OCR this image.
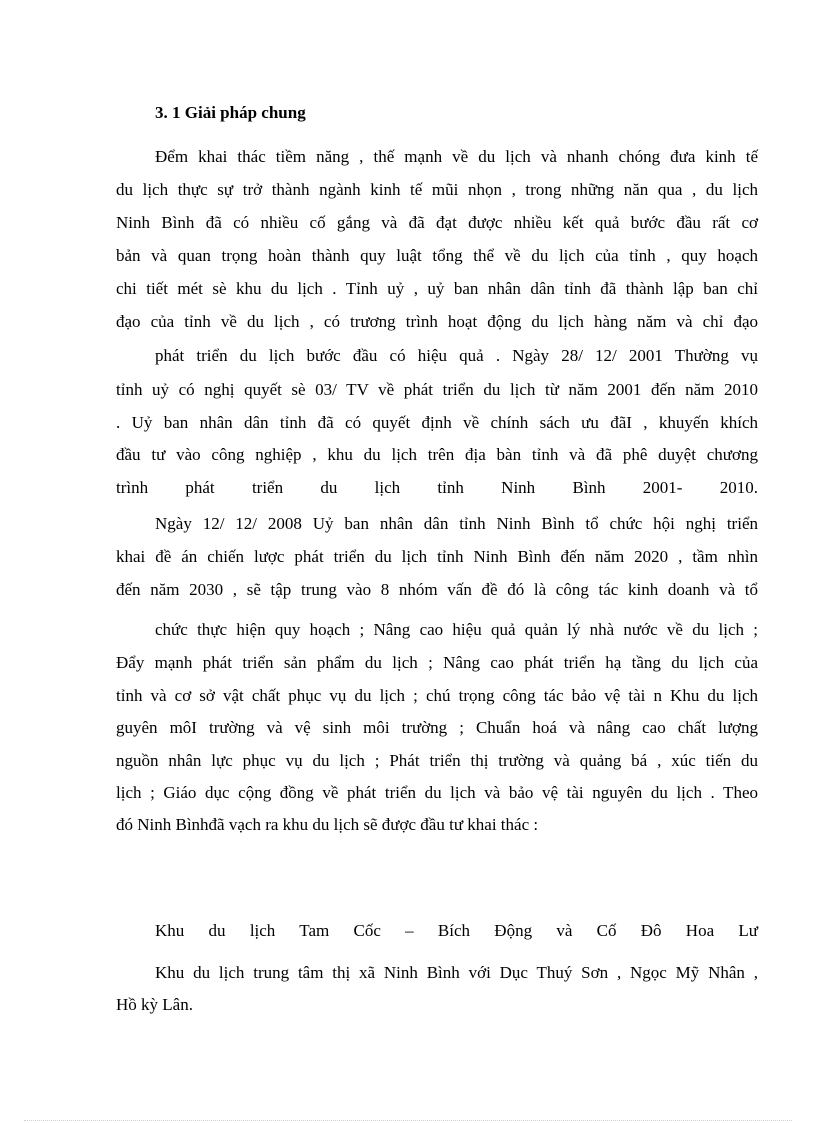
3. 1 Giải pháp chung
Đểm khai thác tiềm năng , thế mạnh về du lịch và nhanh chóng đưa kinh tế
du lịch thực sự trở thành ngành kinh tế mũi nhọn , trong những năn qua , du lịch
Ninh Bình đã có nhiều cố gắng và đã đạt được nhiều kết quả bước đầu rất cơ
bản và quan trọng hoàn thành quy luật tổng thể về du lịch của tỉnh , quy hoạch
chi tiết mét sè khu du lịch . Tỉnh uỷ , uỷ ban nhân dân tỉnh đã thành lập ban chỉ
đạo của tỉnh về du lịch , có trương trình hoạt động du lịch hàng năm và chỉ đạo
phát triển du lịch bước đầu có hiệu quả . Ngày 28/ 12/ 2001 Thường vụ
tỉnh uỷ có nghị quyết sè 03/ TV về phát triển du lịch từ năm 2001 đến năm 2010
. Uỷ ban nhân dân tỉnh đã có quyết định về chính sách ưu đãI , khuyến khích
đầu tư vào công nghiệp , khu du lịch trên địa bàn tỉnh và đã phê duyệt chương
trình phát triển du lịch tỉnh Ninh Bình 2001- 2010.
Ngày 12/ 12/ 2008 Uỷ ban nhân dân tỉnh Ninh Bình tổ chức hội nghị triển
khai đề án chiến lược phát triển du lịch tỉnh Ninh Bình đến năm 2020 , tầm nhìn
đến năm 2030 , sẽ tập trung vào 8 nhóm vấn đề đó là công tác kinh doanh và tổ
chức thực hiện quy hoạch ; Nâng cao hiệu quả quản lý nhà nước về du lịch ;
Đẩy mạnh phát triển sản phẩm du lịch ; Nâng cao phát triển hạ tầng du lịch của
tỉnh và cơ sở vật chất phục vụ du lịch ; chú trọng công tác bảo vệ tài n Khu du lịch
guyên môI trường và vệ sinh môi trường ; Chuẩn hoá và nâng cao chất lượng
nguồn nhân lực phục vụ du lịch ; Phát triển thị trường và quảng bá , xúc tiến du
lịch ; Giáo dục cộng đồng về phát triển du lịch và bảo vệ tài nguyên du lịch . Theo
đó Ninh Bìnhđã vạch ra khu du lịch sẽ được đầu tư khai thác :
Khu du lịch Tam Cốc – Bích Động và Cố Đô Hoa Lư
Khu du lịch trung tâm thị xã Ninh Bình với Dục Thuý Sơn , Ngọc Mỹ Nhân ,
Hồ kỳ Lân.
